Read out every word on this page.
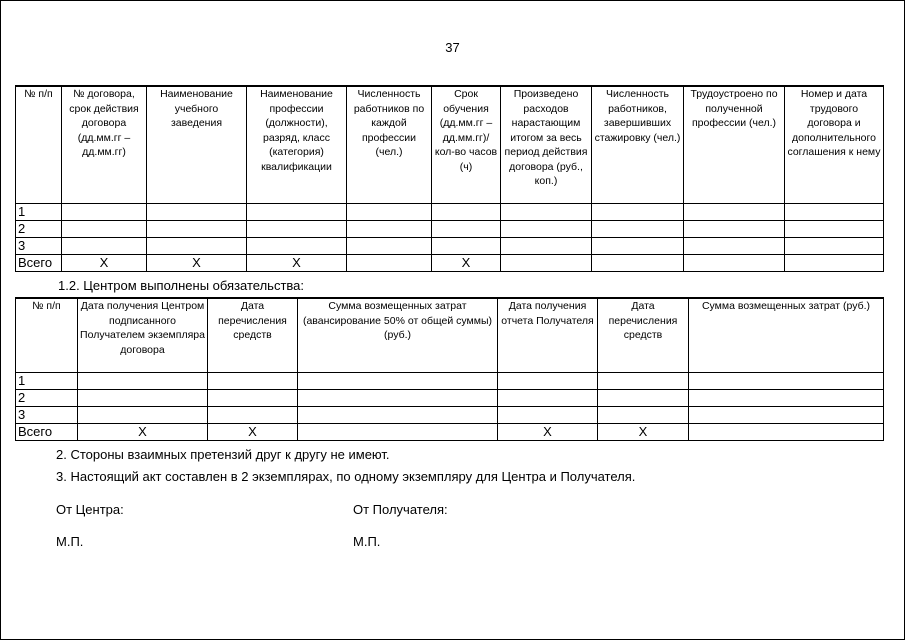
37
№ п/п	№ договора, срок действия договора (дд.мм.гг – дд.мм.гг)	Наименование учебного заведения	Наименование профессии (должности), разряд, класс (категория) квалификации	Численность работников по каждой профессии (чел.)	Срок обучения (дд.мм.гг – дд.мм.гг)/ кол-во часов (ч)	Произведено расходов нарастающим итогом за весь период действия договора (руб., коп.)	Численность работников, завершивших стажировку (чел.)	Трудоустроено по полученной профессии (чел.)	Номер и дата трудового договора и дополнительного соглашения к нему
1									
2									
3									
Всего	Х	Х	Х		Х				
1.2. Центром выполнены обязательства:
№ п/п	Дата получения Центром подписанного Получателем экземпляра договора	Дата перечисления средств	Сумма возмещенных затрат (авансирование 50% от общей суммы) (руб.)	Дата получения отчета Получателя	Дата перечисления средств	Сумма возмещенных затрат (руб.)
1						
2						
3						
Всего	Х	Х		Х	Х	
2. Стороны взаимных претензий друг к другу не имеют.
3. Настоящий акт составлен в 2 экземплярах, по одному экземпляру для Центра и Получателя.
От Центра:	От Получателя:
М.П.	М.П.
